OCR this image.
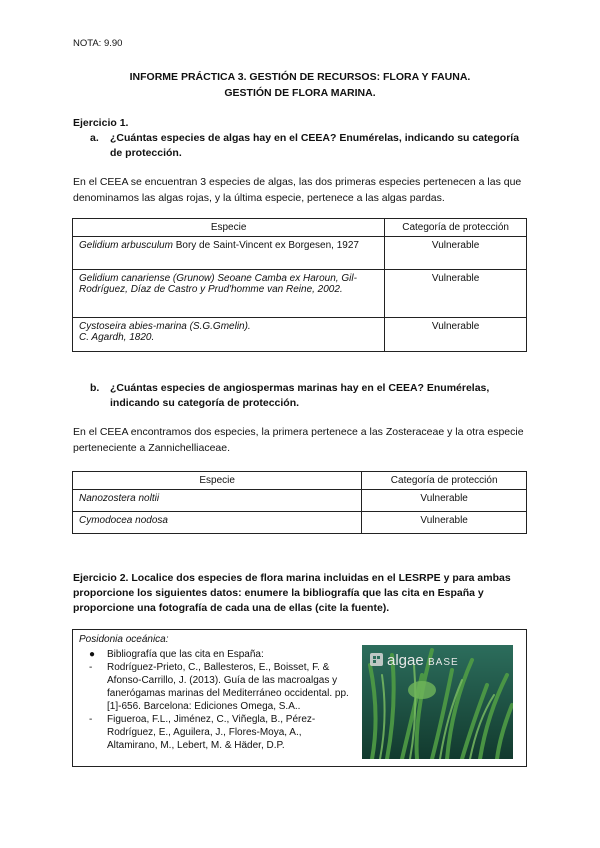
NOTA: 9.90
INFORME PRÁCTICA 3. GESTIÓN DE RECURSOS: FLORA Y FAUNA.
GESTIÓN DE FLORA MARINA.
Ejercicio 1.
a. ¿Cuántas especies de algas hay en el CEEA? Enumérelas, indicando su categoría de protección.
En el CEEA se encuentran 3 especies de algas, las dos primeras especies pertenecen a las que denominamos las algas rojas, y la última especie, pertenece a las algas pardas.
Especie	Categoría de protección
Gelidium arbusculum Bory de Saint-Vincent ex Borgesen, 1927	Vulnerable
Gelidium canariense (Grunow) Seoane Camba ex Haroun, Gil-Rodríguez, Díaz de Castro y Prud'homme van Reine, 2002.	Vulnerable

Cystoseira abies-marina (S.G.Gmelin).
C. Agardh, 1820.	Vulnerable
b. ¿Cuántas especies de angiospermas marinas hay en el CEEA? Enumérelas, indicando su categoría de protección.
En el CEEA encontramos dos especies, la primera pertenece a las Zosteraceae y la otra especie perteneciente a Zannichelliaceae.
Especie	Categoría de protección
Nanozostera noltii	Vulnerable
Cymodocea nodosa	Vulnerable
Ejercicio 2. Localice dos especies de flora marina incluidas en el LESRPE y para ambas proporcione los siguientes datos: enumere la bibliografía que las cita en España y proporcione una fotografía de cada una de ellas (cite la fuente).
Posidonia oceánica:
● Bibliografía que las cita en España:
- Rodríguez-Prieto, C., Ballesteros, E., Boisset, F. & Afonso-Carrillo, J. (2013). Guía de las macroalgas y fanerógamas marinas del Mediterráneo occidental. pp. [1]-656. Barcelona: Ediciones Omega, S.A..
- Figueroa, F.L., Jiménez, C., Viñegla, B., Pérez-Rodríguez, E., Aguilera, J., Flores-Moya, A., Altamirano, M., Lebert, M. & Häder, D.P.
algae BASE
